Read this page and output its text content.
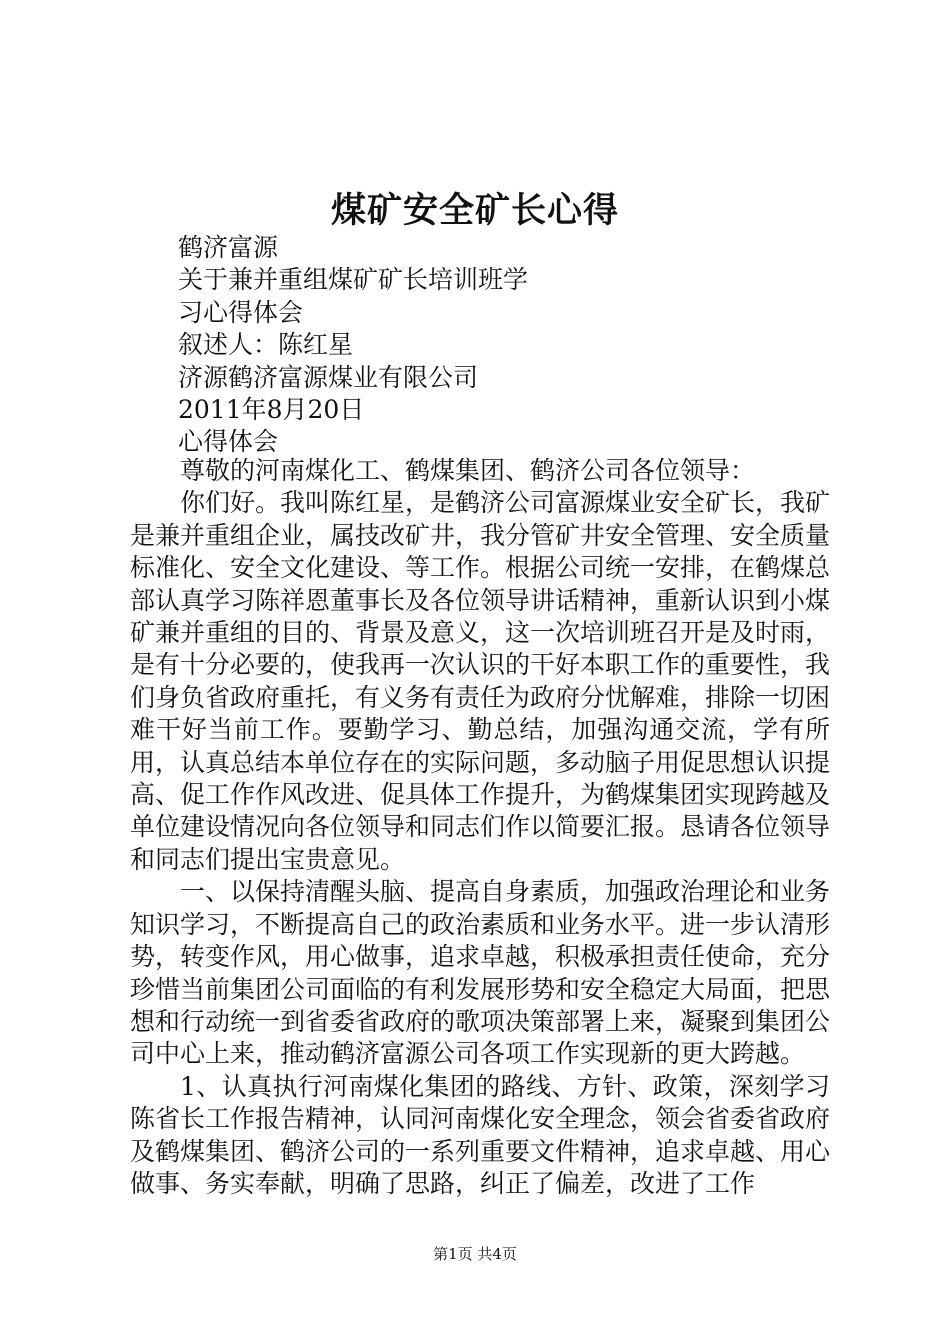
煤矿安全矿长心得
鹤济富源
关于兼并重组煤矿矿长培训班学
习心得体会
叙述人：陈红星
济源鹤济富源煤业有限公司
2011年8月20日
心得体会

尊敬的河南煤化工、鹤煤集团、鹤济公司各位领导：

你们好。我叫陈红星，是鹤济公司富源煤业安全矿长，我矿是兼并重组企业，属技改矿井，我分管矿井安全管理、安全质量标准化、安全文化建设、等工作。根据公司统一安排，在鹤煤总部认真学习陈祥恩董事长及各位领导讲话精神，重新认识到小煤矿兼并重组的目的、背景及意义，这一次培训班召开是及时雨，是有十分必要的，使我再一次认识的干好本职工作的重要性，我们身负省政府重托，有义务有责任为政府分忧解难，排除一切困难干好当前工作。要勤学习、勤总结，加强沟通交流，学有所用，认真总结本单位存在的实际问题，多动脑子用促思想认识提高、促工作作风改进、促具体工作提升，为鹤煤集团实现跨越及单位建设情况向各位领导和同志们作以简要汇报。恳请各位领导和同志们提出宝贵意见。

一、以保持清醒头脑、提高自身素质，加强政治理论和业务知识学习，不断提高自己的政治素质和业务水平。进一步认清形势，转变作风，用心做事，追求卓越，积极承担责任使命，充分珍惜当前集团公司面临的有利发展形势和安全稳定大局面，把思想和行动统一到省委省政府的歌项决策部署上来，凝聚到集团公司中心上来，推动鹤济富源公司各项工作实现新的更大跨越。

1、认真执行河南煤化集团的路线、方针、政策，深刻学习陈省长工作报告精神，认同河南煤化安全理念，领会省委省政府及鹤煤集团、鹤济公司的一系列重要文件精神，追求卓越、用心做事、务实奉献，明确了思路，纠正了偏差，改进了工作

第1页 共4页
